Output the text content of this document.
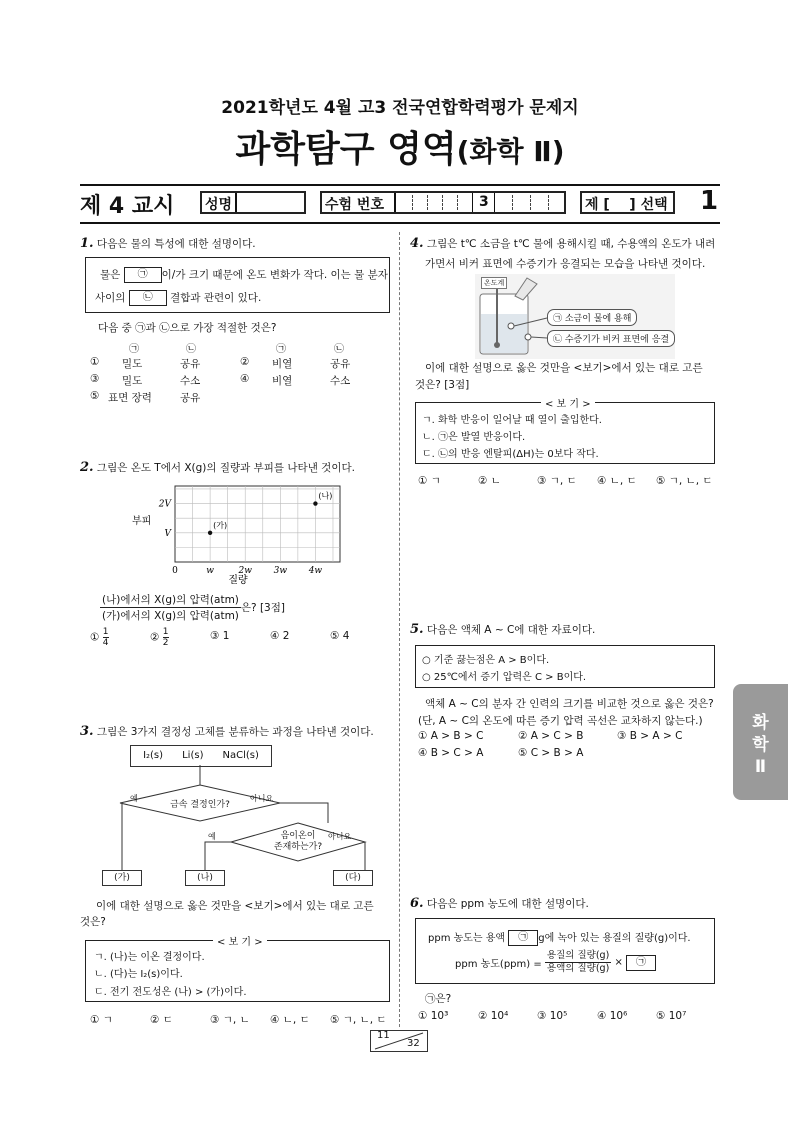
2021학년도 4월 고3 전국연합학력평가 문제지
과학탐구 영역(화학 Ⅱ)
제 4 교시 성명	수험 번호	3	제 [    ] 선택 1
화
학
Ⅱ
1. 다음은 물의 특성에 대한 설명이다.
물은 ㉠ 이/가 크기 때문에 온도 변화가 작다. 이는 물 분자
사이의 ㉡ 결합과 관련이 있다.
다음 중 ㉠과 ㉡으로 가장 적절한 것은?
㉠	㉡	㉠	㉡
① 밀도	공유	② 비열	공유
③ 밀도	수소	④ 비열	수소
⑤ 표면 장력	공유
2. 그림은 온도 T에서 X(g)의 질량과 부피를 나타낸 것이다.
부피
0	w	2w 3w 4w
V
2V
(가)
(나)
질량
(나)에서의 X(g)의 압력(atm)
(가)에서의 X(g)의 압력(atm)
은? [3점]
① $\frac{1}{4}$	② $\frac{1}{2}$	③ 1	④ 2	⑤ 4
3. 그림은 3가지 결정성 고체를 분류하는 과정을 나타낸 것이다.
I₂(s)      Li(s)      NaCl(s)
금속 결정인가?
예	아니요
음이온이
존재하는가?
예	아니요
(가)	(나)	(다)
이에 대한 설명으로 옳은 것만을 <보기>에서 있는 대로 고른
것은?
< 보 기 >
ㄱ. (나)는 이온 결정이다.
ㄴ. (다)는 I₂(s)이다.
ㄷ. 전기 전도성은 (나) > (가)이다.
① ㄱ	② ㄷ	③ ㄱ, ㄴ ④ ㄴ, ㄷ ⑤ ㄱ, ㄴ, ㄷ
4. 그림은 t℃ 소금을 t℃ 물에 용해시킬 때, 수용액의 온도가 내려
가면서 비커 표면에 수증기가 응결되는 모습을 나타낸 것이다.
온도계
㉠ 소금이 물에 용해
㉡ 수증기가 비커 표면에 응결
이에 대한 설명으로 옳은 것만을 <보기>에서 있는 대로 고른
것은? [3점]
< 보 기 >
ㄱ. 화학 반응이 일어날 때 열이 출입한다.
ㄴ. ㉠은 발열 반응이다.
ㄷ. ㉡의 반응 엔탈피(ΔH)는 0보다 작다.
① ㄱ	② ㄴ	③ ㄱ, ㄷ ④ ㄴ, ㄷ ⑤ ㄱ, ㄴ, ㄷ
5. 다음은 액체 A ~ C에 대한 자료이다.
○ 기준 끓는점은 A > B이다.
○ 25℃에서 증기 압력은 C > B이다.
액체 A ~ C의 분자 간 인력의 크기를 비교한 것으로 옳은 것은?
(단, A ~ C의 온도에 따른 증기 압력 곡선은 교차하지 않는다.)
① A > B > C	② A > C > B	③ B > A > C
④ B > C > A	⑤ C > B > A
6. 다음은 ppm 농도에 대한 설명이다.
ppm 농도는 용액 ㉠ g에 녹아 있는 용질의 질량(g)이다.
ppm 농도(ppm) =
용질의 질량(g)
용액의 질량(g)
× ㉠
㉠은?
① 10³	② 10⁴	③ 10⁵	④ 10⁶	⑤ 10⁷
11
32
